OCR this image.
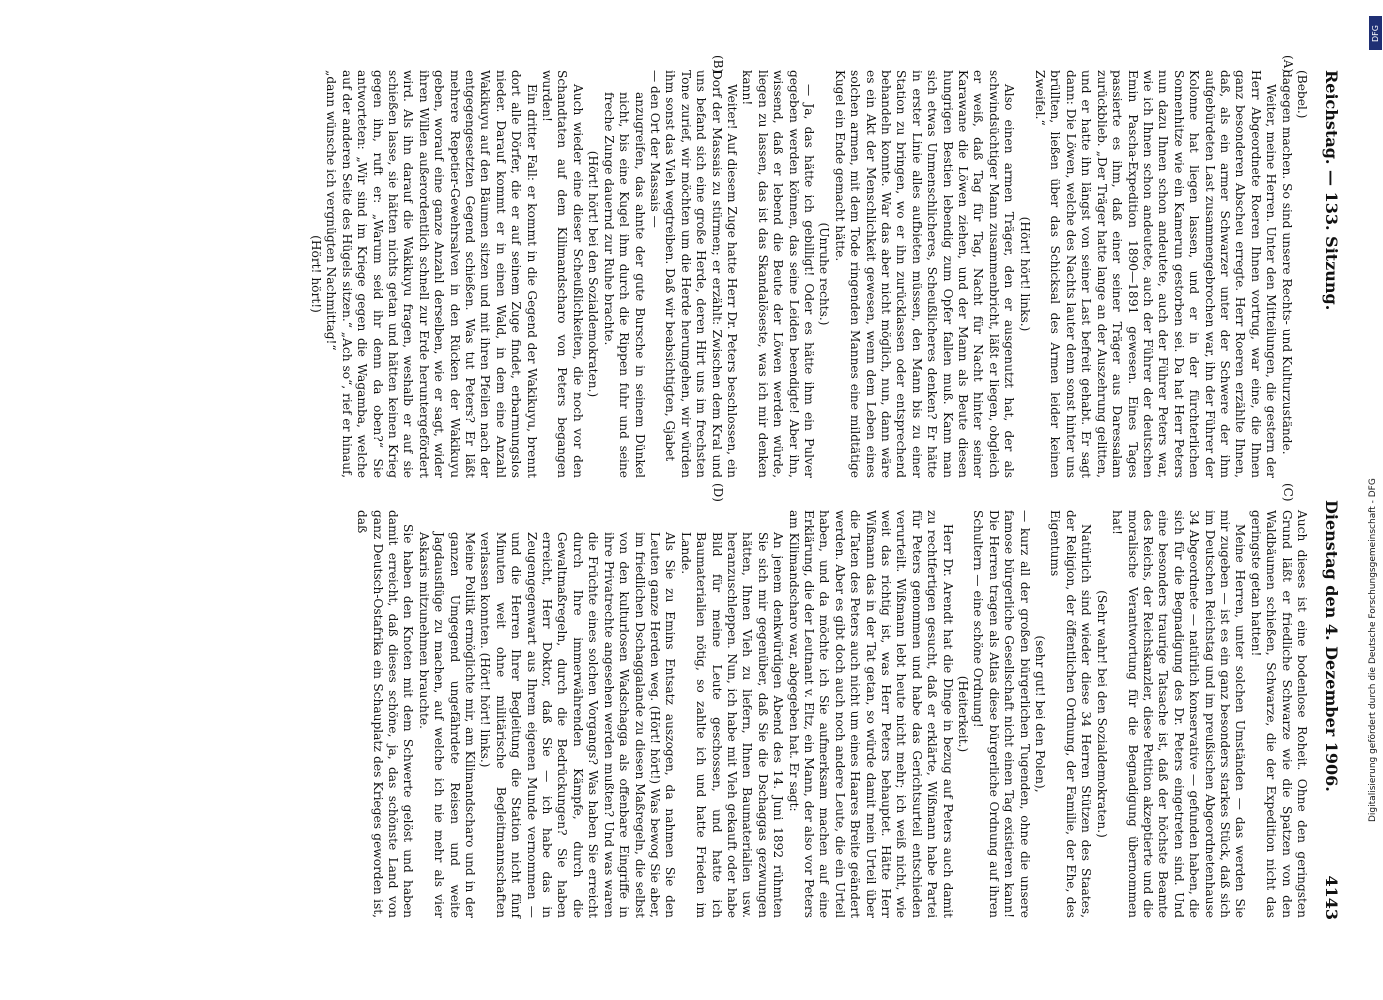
Reichstag. — 133. Sitzung.
Dienstag den 4. Dezember 1906.
4143
(A)
(B)
(C)
(D)

(Bebel.)

dagegen machen. So sind unsere Rechts- und Kulturzustände.

Weiter, meine Herren. Unter den Mitteilungen, die gestern der Herr Abgeordnete Roeren Ihnen vortrug, war eine, die Ihnen ganz besonderen Abscheu erregte. Herr Roeren erzählte Ihnen, daß, als ein armer Schwarzer unter der Schwere der ihm aufgebürdeten Last zusammengebrochen war, ihn der Führer der Kolonne hat liegen lassen, und er in der fürchterlichen Sonnenhitze wie ein Kamerun gestorben sei. Da hat Herr Peters nun dazu Ihnen schon andeutete, auch der Führer Peters war, wie ich Ihnen schon andeutete, auch der Führer der deutschen Emin Pascha-Expedition 1890—1891 gewesen. Eines Tages passierte es ihm, daß einer seiner Träger aus Daressalam zurückblieb. „Der Träger hatte lange an der Auszehrung gelitten, und er hatte ihn längst von seiner Last befreit gehabt. Er sagt dann: Die Löwen, welche des Nachts lauter denn sonst hinter uns brüllten, ließen über das Schicksal des Armen leider keinen Zweifel.“

(Hört! hört! links.)

Also einen armen Träger, den er ausgenutzt hat, der als schwindsüchtiger Mann zusammenbricht, läßt er liegen, obgleich er weiß, daß Tag für Tag, Nacht für Nacht hinter seiner Karawane die Löwen ziehen, und der Mann als Beute diesen hungrigen Bestien lebendig zum Opfer fallen muß. Kann man sich etwas Unmenschlicheres, Scheußlicheres denken? Er hätte in erster Linie alles aufbieten müssen, den Mann bis zu einer Station zu bringen, wo er ihn zurücklassen oder entsprechend behandeln konnte. War das aber nicht möglich, nun, dann wäre es ein Akt der Menschlichkeit gewesen, wenn dem Leben eines solchen armen, mit dem Tode ringenden Mannes eine mildtätige Kugel ein Ende gemacht hätte.

(Unruhe rechts.)

— Ja, das hätte ich gebilligt! Oder es hätte ihm ein Pulver gegeben werden können, das seine Leiden beendigte! Aber ihn, wissend, daß er lebend die Beute der Löwen werden würde, liegen zu lassen, das ist das Skandalöseste, was ich mir denken kann!

Weiter! Auf diesem Zuge hatte Herr Dr. Peters beschlossen, ein Dorf der Massais zu stürmen; er erzählt: Zwischen dem Kral und uns befand sich eine große Herde, deren Hirt uns im frechsten Tone zurief, wir möchten um die Herde herumgehen, wir würden ihm sonst das Vieh wegtreiben. Daß wir beabsichtigten, Gjabet

— den Ort der Massais —

anzugreifen, das ahnte der gute Bursche in seinem Dünkel nicht, bis eine Kugel ihm durch die Rippen fuhr und seine freche Zunge dauernd zur Ruhe brachte.

(Hört! hört! bei den Sozialdemokraten.)

Auch wieder eine dieser Scheußlichkeiten, die noch vor den Schandtaten auf dem Kilimandscharo von Peters begangen wurden!

Ein dritter Fall: er kommt in die Gegend der Wakikuyu, brennt dort alle Dörfer, die er auf seinem Zuge findet, erbarmungslos nieder. Darauf kommt er in einen Wald, in dem eine Anzahl Wakikuyu auf den Bäumen sitzen und mit ihren Pfeilen nach der entgegengesetzten Gegend schießen. Was tut Peters? Er läßt mehrere Repetier-Gewehrsalven in den Rücken der Wakikuyu geben, worauf eine ganze Anzahl derselben, wie er sagt, wider ihren Willen außerordentlich schnell zur Erde heruntergefördert wird. Als ihn darauf die Wakikuyu fragen, weshalb er auf sie schießen lasse, sie hätten nichts getan und hätten keinen Krieg gegen ihn, ruft er: „Warum seid ihr denn da oben?“ Sie antworteten: „Wir sind im Kriege gegen die Wagamba, welche auf der anderen Seite des Hügels sitzen.“ „Ach so“, rief er hinauf, „dann wünsche ich vergnügten Nachmittag!“

(Hört! hört!)

Auch dieses ist eine bodenlose Roheit. Ohne den geringsten Grund läßt er friedliche Schwarze wie die Spatzen von den Waldbäumen schießen, Schwarze, die der Expedition nicht das geringste getan hatten!

Meine Herren, unter solchen Umständen — das werden Sie mir zugeben — ist es ein ganz besonders starkes Stück, daß sich im Deutschen Reichstag und im preußischen Abgeordnetenhause 34 Abgeordnete — natürlich konservative — gefunden haben, die sich für die Begnadigung des Dr. Peters eingetreten sind. Und eine besonders traurige Tatsache ist, daß der höchste Beamte des Reichs, der Reichskanzler, diese Petition akzeptierte und die moralische Verantwortung für die Begnadigung übernommen hat!

(Sehr wahr! bei den Sozialdemokraten.)

Natürlich sind wieder diese 34 Herren Stützen des Staates, der Religion, der öffentlichen Ordnung, der Familie, der Ehe, des Eigentums

(sehr gut! bei den Polen),

— kurz all der großen bürgerlichen Tugenden, ohne die unsere famose bürgerliche Gesellschaft nicht einen Tag existieren kann! Die Herren tragen als Atlas diese bürgerliche Ordnung auf ihren Schultern — eine schöne Ordnung!

(Heiterkeit.)

Herr Dr. Arendt hat die Dinge in bezug auf Peters auch damit zu rechtfertigen gesucht, daß er erklärte, Wißmann habe Partei für Peters genommen und habe das Gerichtsurteil entschieden verurteilt. Wißmann lebt heute nicht mehr; ich weiß nicht, wie weit das richtig ist, was Herr Peters behauptet. Hätte Herr Wißmann das in der Tat getan, so würde damit mein Urteil über die Taten des Peters auch nicht um eines Haares Breite geändert werden. Aber es gibt doch auch noch andere Leute, die ein Urteil haben, und da möchte ich Sie aufmerksam machen auf eine Erklärung, die der Leutnant v. Eltz, ein Mann, der also vor Peters am Kilimandscharo war, abgegeben hat. Er sagt:

An jenem denkwürdigen Abend des 14. Juni 1892 rühmten Sie sich mir gegenüber, daß Sie die Dschaggas gezwungen hätten, Ihnen Vieh zu liefern, Ihnen Baumaterialien usw. heranzuschleppen. Nun, ich habe mit Vieh gekauft oder habe Bild für meine Leute geschossen, und hatte ich Baumaterialien nötig, so zahlte ich und hatte Frieden im Lande.

Als Sie zu Emins Entsatz auszogen, da nahmen Sie den Leuten ganze Herden weg. (Hört! hört!) Was bewog Sie aber, im friedlichen Dschaggalande zu diesen Maßregeln, die selbst von den kulturlosen Wadschagga als offenbare Eingriffe in ihre Privatrechte angesehen werden mußten? Und was waren die Früchte eines solchen Vorgangs? Was haben Sie erreicht durch Ihre immerwährenden Kämpfe, durch die Gewaltmaßregeln, durch die Bedrückungen? Sie haben erreicht, Herr Doktor, daß Sie — ich habe das in Zeugengegenwart aus Ihrem eigenen Munde vernommen — und die Herren Ihrer Begleitung die Station nicht fünf Minuten weit ohne militärische Begleitmannschaften verlassen konnten. (Hört! hört! links.)

Meine Politik ermöglichte mir, am Kilimandscharo und in der ganzen Umgegend ungefährdete Reisen und weite Jagdausflüge zu machen, auf welche ich nie mehr als vier Askaris mitzunehmen brauchte.

Sie haben den Knoten mit dem Schwerte gelöst und haben damit erreicht, daß dieses schöne, ja, das schönste Land von ganz Deutsch-Ostafrika ein Schauplatz des Krieges geworden ist, daß

DFG
Digitalisierung gefördert durch die Deutsche Forschungsgemeinschaft - DFG
